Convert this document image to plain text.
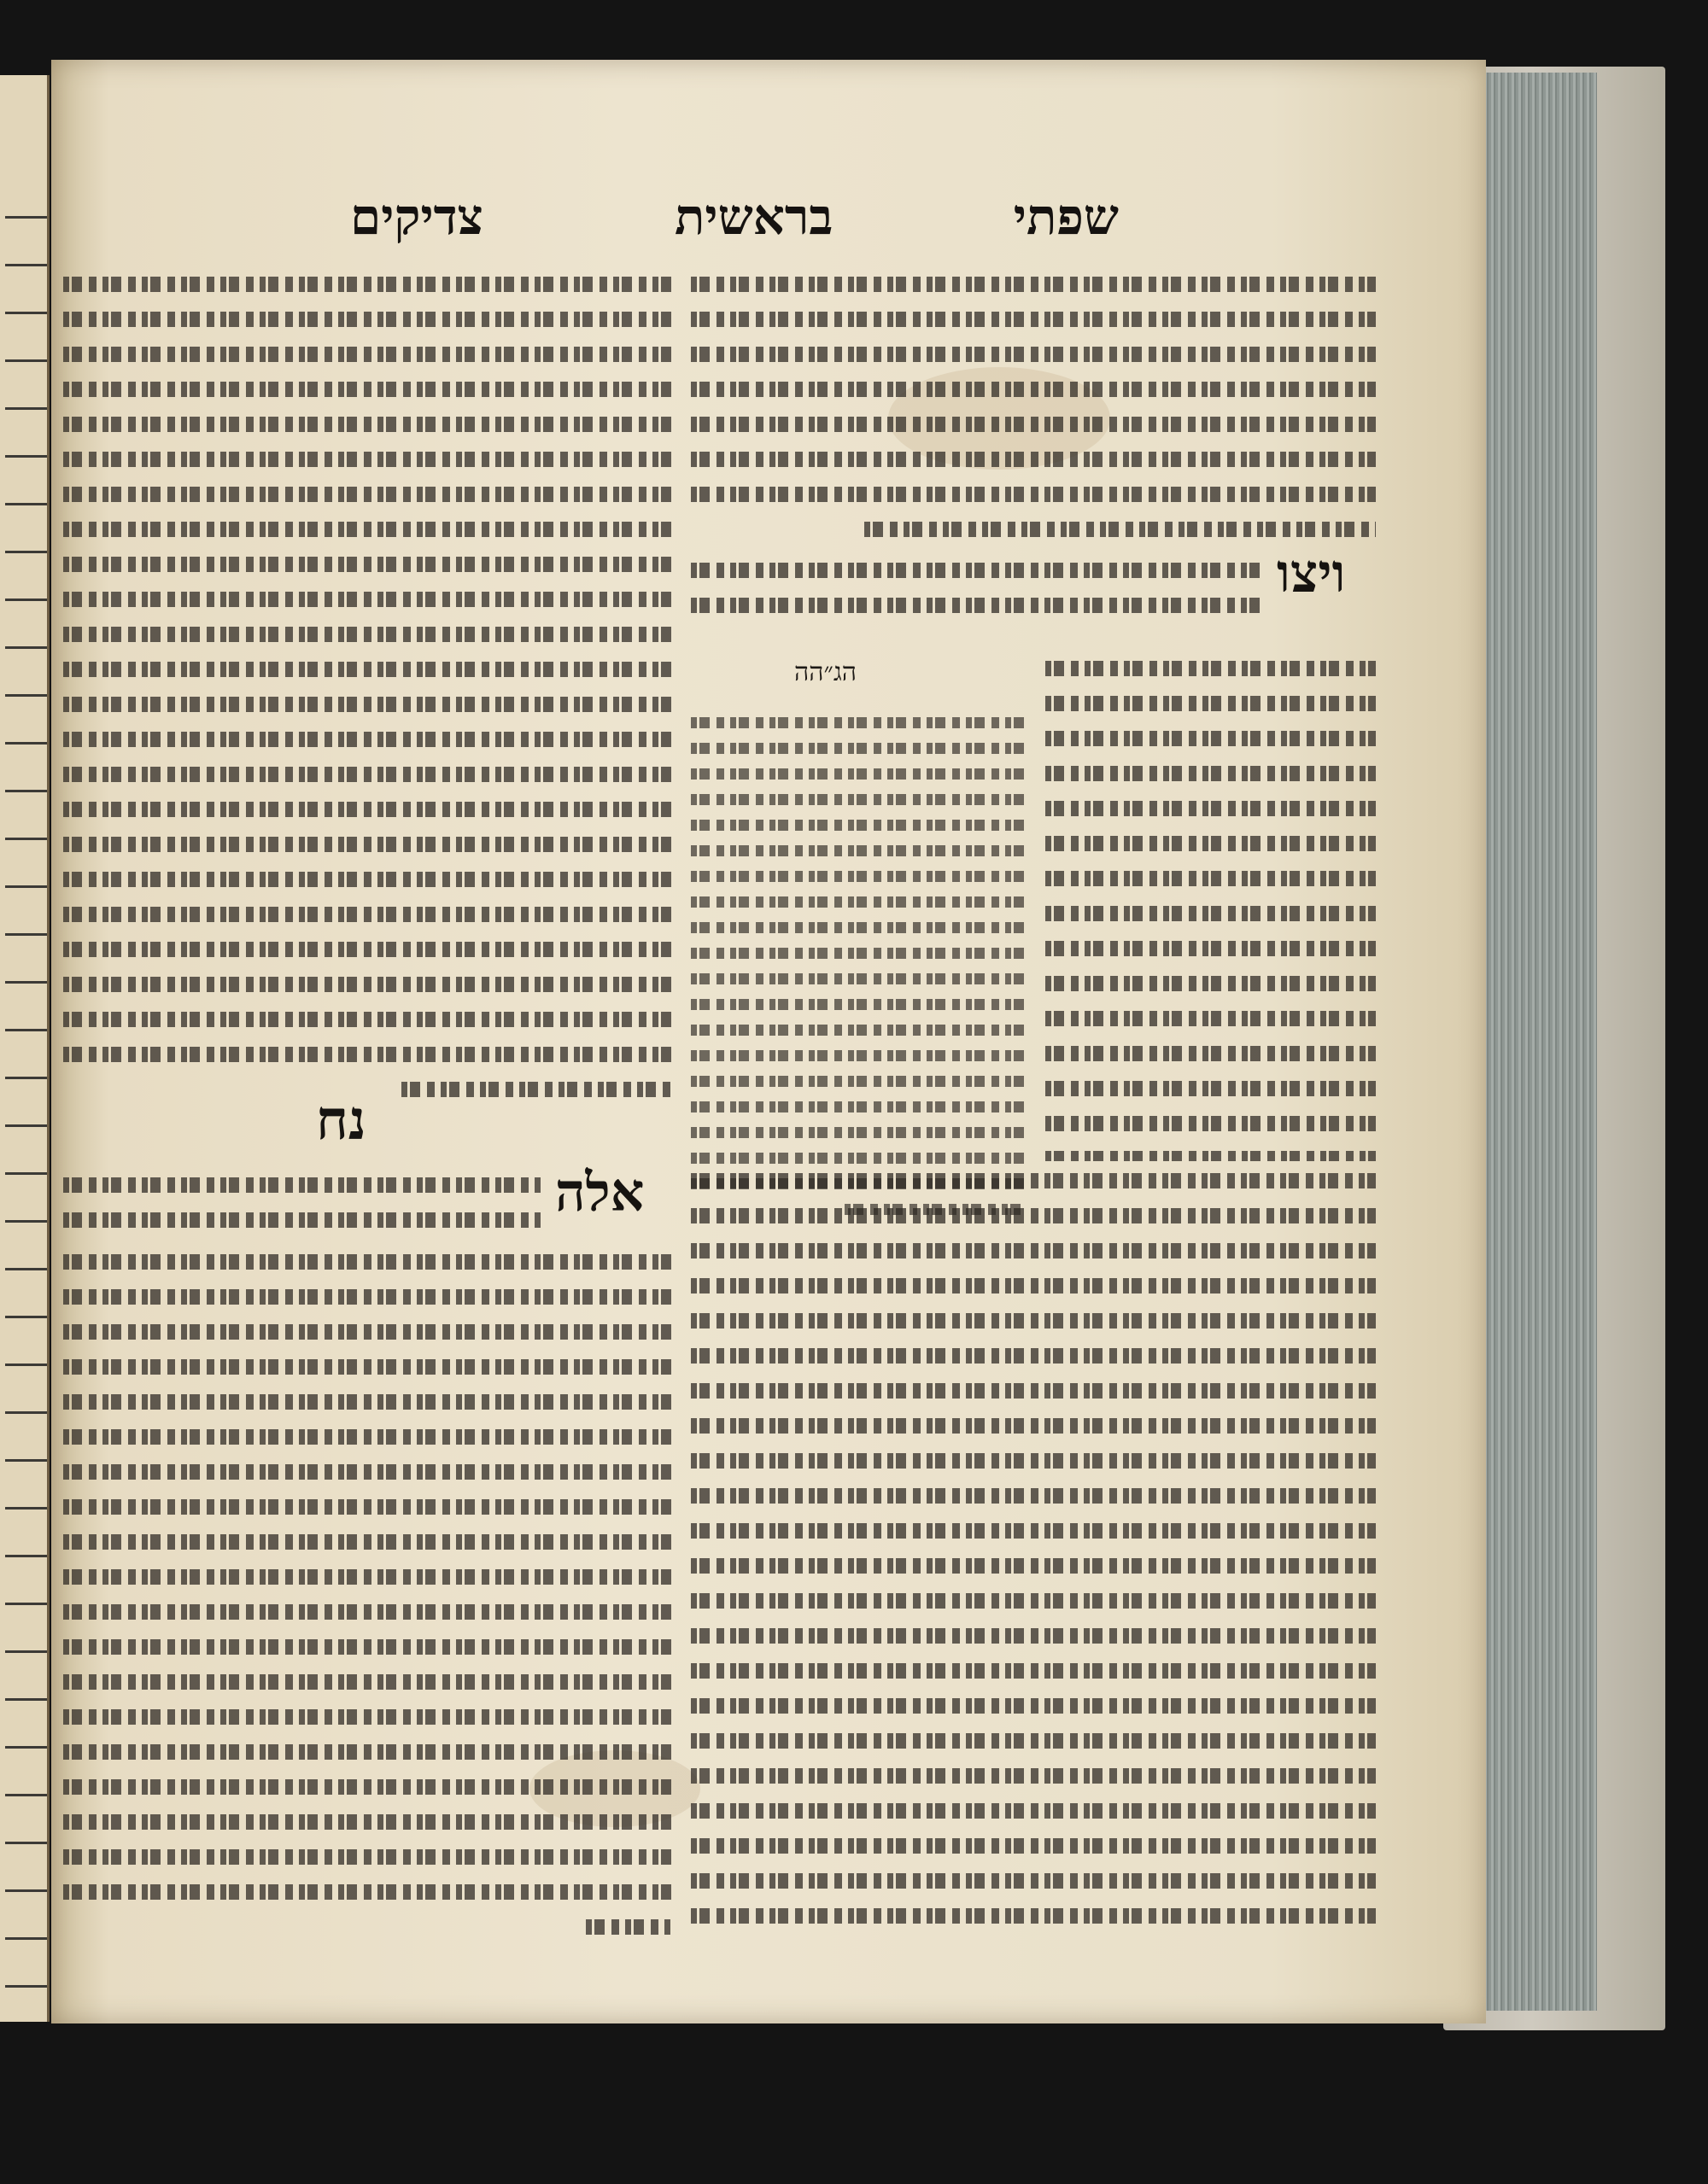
שפתי
בראשית
צדיקים
ויצו
הג״הה
נח
אלה
